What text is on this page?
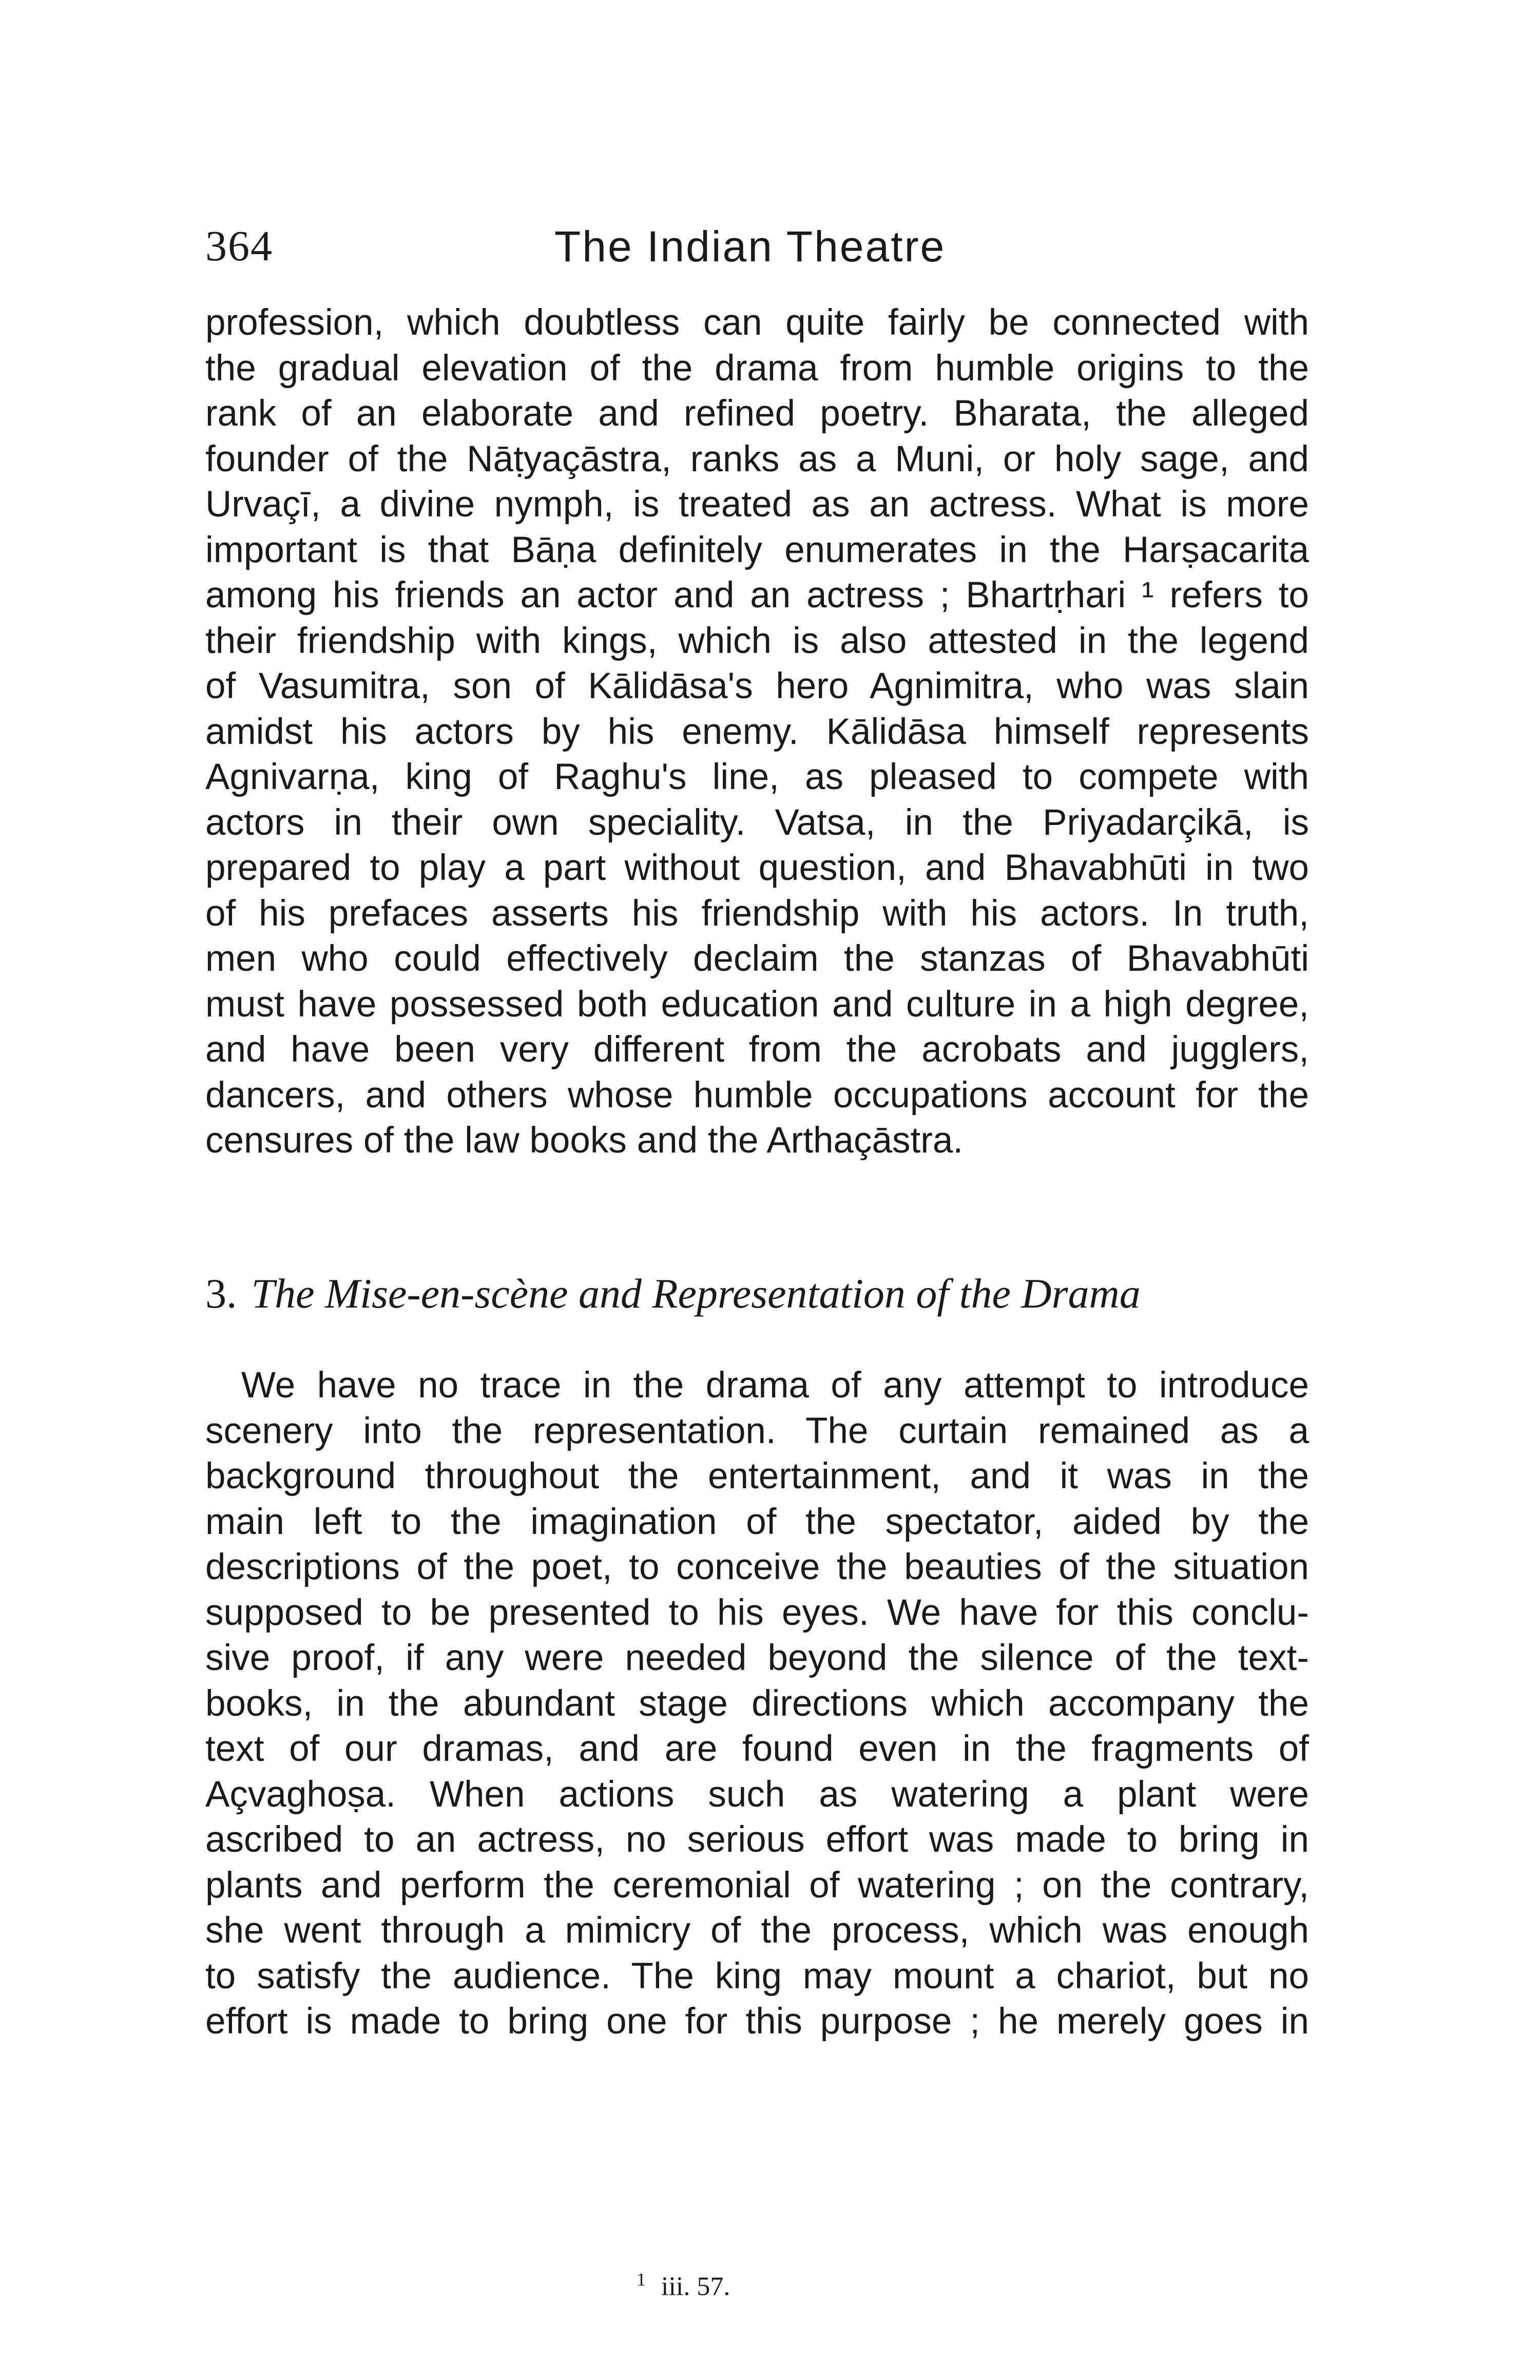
364	The Indian Theatre
profession, which doubtless can quite fairly be connected with
the gradual elevation of the drama from humble origins to the
rank of an elaborate and refined poetry. Bharata, the alleged
founder of the Nāṭyaçāstra, ranks as a Muni, or holy sage, and
Urvaçī, a divine nymph, is treated as an actress. What is more
important is that Bāṇa definitely enumerates in the Harṣacarita
among his friends an actor and an actress ; Bhartṛhari ¹ refers to
their friendship with kings, which is also attested in the legend
of Vasumitra, son of Kālidāsa's hero Agnimitra, who was slain
amidst his actors by his enemy. Kālidāsa himself represents
Agnivarṇa, king of Raghu's line, as pleased to compete with
actors in their own speciality. Vatsa, in the Priyadarçikā, is
prepared to play a part without question, and Bhavabhūti in two
of his prefaces asserts his friendship with his actors. In truth,
men who could effectively declaim the stanzas of Bhavabhūti
must have possessed both education and culture in a high degree,
and have been very different from the acrobats and jugglers,
dancers, and others whose humble occupations account for the
censures of the law books and the Arthaçāstra.
3. The Mise-en-scène and Representation of the Drama
We have no trace in the drama of any attempt to introduce
scenery into the representation. The curtain remained as a
background throughout the entertainment, and it was in the
main left to the imagination of the spectator, aided by the
descriptions of the poet, to conceive the beauties of the situation
supposed to be presented to his eyes. We have for this conclu-
sive proof, if any were needed beyond the silence of the text-
books, in the abundant stage directions which accompany the
text of our dramas, and are found even in the fragments of
Açvaghoṣa. When actions such as watering a plant were
ascribed to an actress, no serious effort was made to bring in
plants and perform the ceremonial of watering ; on the contrary,
she went through a mimicry of the process, which was enough
to satisfy the audience. The king may mount a chariot, but no
effort is made to bring one for this purpose ; he merely goes in
$^1$ iii. 57.
